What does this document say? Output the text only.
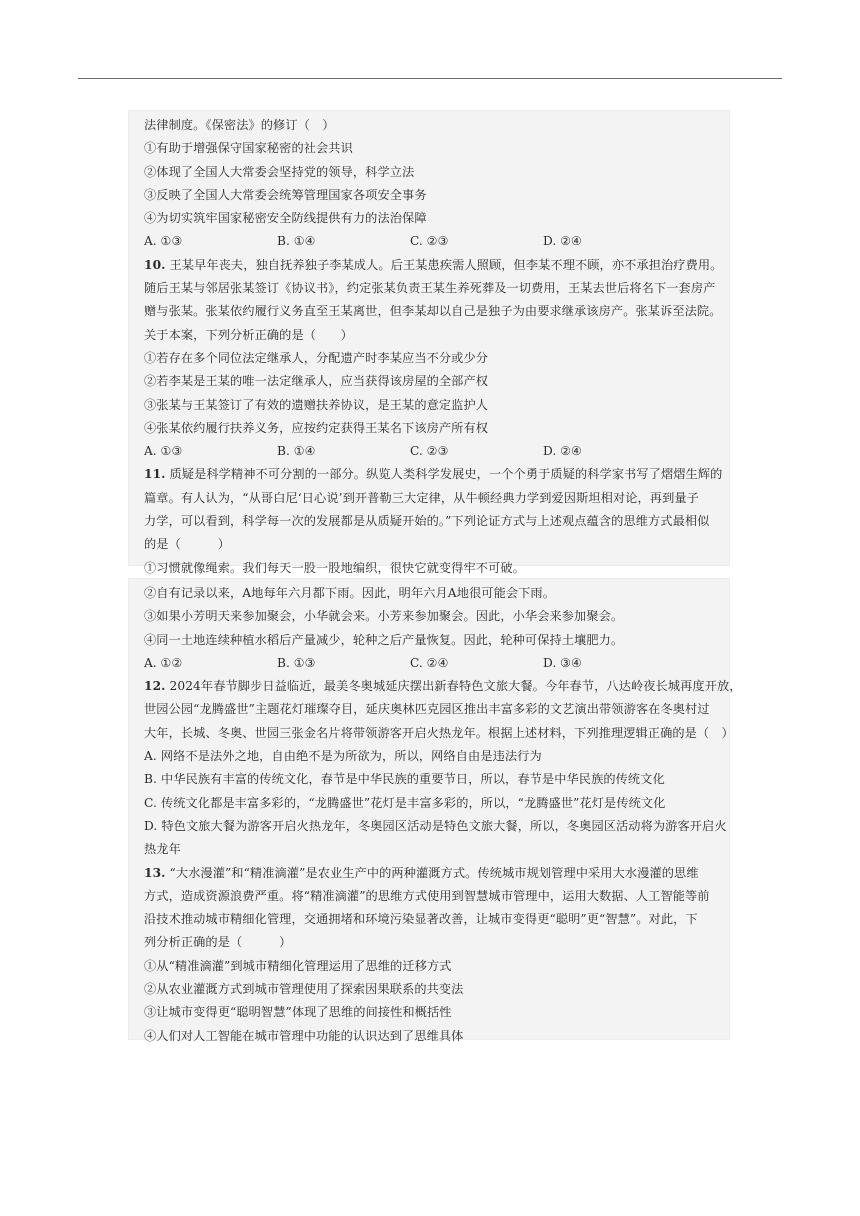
法律制度。《保密法》的修订（　）
①有助于增强保守国家秘密的社会共识
②体现了全国人大常委会坚持党的领导，科学立法
③反映了全国人大常委会统筹管理国家各项安全事务
④为切实筑牢国家秘密安全防线提供有力的法治保障
A. ①③	B. ①④	C. ②③	D. ②④
10. 王某早年丧夫，独自抚养独子李某成人。后王某患疾需人照顾，但李某不理不顾，亦不承担治疗费用。
随后王某与邻居张某签订《协议书》，约定张某负责王某生养死葬及一切费用，王某去世后将名下一套房产
赠与张某。张某依约履行义务直至王某离世，但李某却以自己是独子为由要求继承该房产。张某诉至法院。
关于本案，下列分析正确的是（　　）
①若存在多个同位法定继承人，分配遗产时李某应当不分或少分
②若李某是王某的唯一法定继承人，应当获得该房屋的全部产权
③张某与王某签订了有效的遗赠扶养协议，是王某的意定监护人
④张某依约履行扶养义务，应按约定获得王某名下该房产所有权
A. ①③	B. ①④	C. ②③	D. ②④
11. 质疑是科学精神不可分割的一部分。纵览人类科学发展史，一个个勇于质疑的科学家书写了熠熠生辉的
篇章。有人认为，“从哥白尼‘日心说’到开普勒三大定律，从牛顿经典力学到爱因斯坦相对论，再到量子
力学，可以看到，科学每一次的发展都是从质疑开始的。”下列论证方式与上述观点蕴含的思维方式最相似
的是（　　　）
①习惯就像绳索。我们每天一股一股地编织，很快它就变得牢不可破。
②自有记录以来，A地每年六月都下雨。因此，明年六月A地很可能会下雨。
③如果小芳明天来参加聚会，小华就会来。小芳来参加聚会。因此，小华会来参加聚会。
④同一土地连续种植水稻后产量减少，轮种之后产量恢复。因此，轮种可保持土壤肥力。
A. ①②	B. ①③	C. ②④	D. ③④
12. 2024年春节脚步日益临近，最美冬奥城延庆摆出新春特色文旅大餐。今年春节，八达岭夜长城再度开放，
世园公园“龙腾盛世”主题花灯璀璨夺目，延庆奥林匹克园区推出丰富多彩的文艺演出带领游客在冬奥村过
大年，长城、冬奥、世园三张金名片将带领游客开启火热龙年。根据上述材料，下列推理逻辑正确的是（　）
A. 网络不是法外之地，自由绝不是为所欲为，所以，网络自由是违法行为
B. 中华民族有丰富的传统文化，春节是中华民族的重要节日，所以，春节是中华民族的传统文化
C. 传统文化都是丰富多彩的，“龙腾盛世”花灯是丰富多彩的，所以，“龙腾盛世”花灯是传统文化
D. 特色文旅大餐为游客开启火热龙年，冬奥园区活动是特色文旅大餐，所以，冬奥园区活动将为游客开启火
热龙年
13. “大水漫灌”和“精准滴灌”是农业生产中的两种灌溉方式。传统城市规划管理中采用大水漫灌的思维
方式，造成资源浪费严重。将“精准滴灌”的思维方式使用到智慧城市管理中，运用大数据、人工智能等前
沿技术推动城市精细化管理，交通拥堵和环境污染显著改善，让城市变得更“聪明”更“智慧”。对此，下
列分析正确的是（　　　）
①从“精准滴灌”到城市精细化管理运用了思维的迁移方式
②从农业灌溉方式到城市管理使用了探索因果联系的共变法
③让城市变得更“聪明智慧”体现了思维的间接性和概括性
④人们对人工智能在城市管理中功能的认识达到了思维具体
